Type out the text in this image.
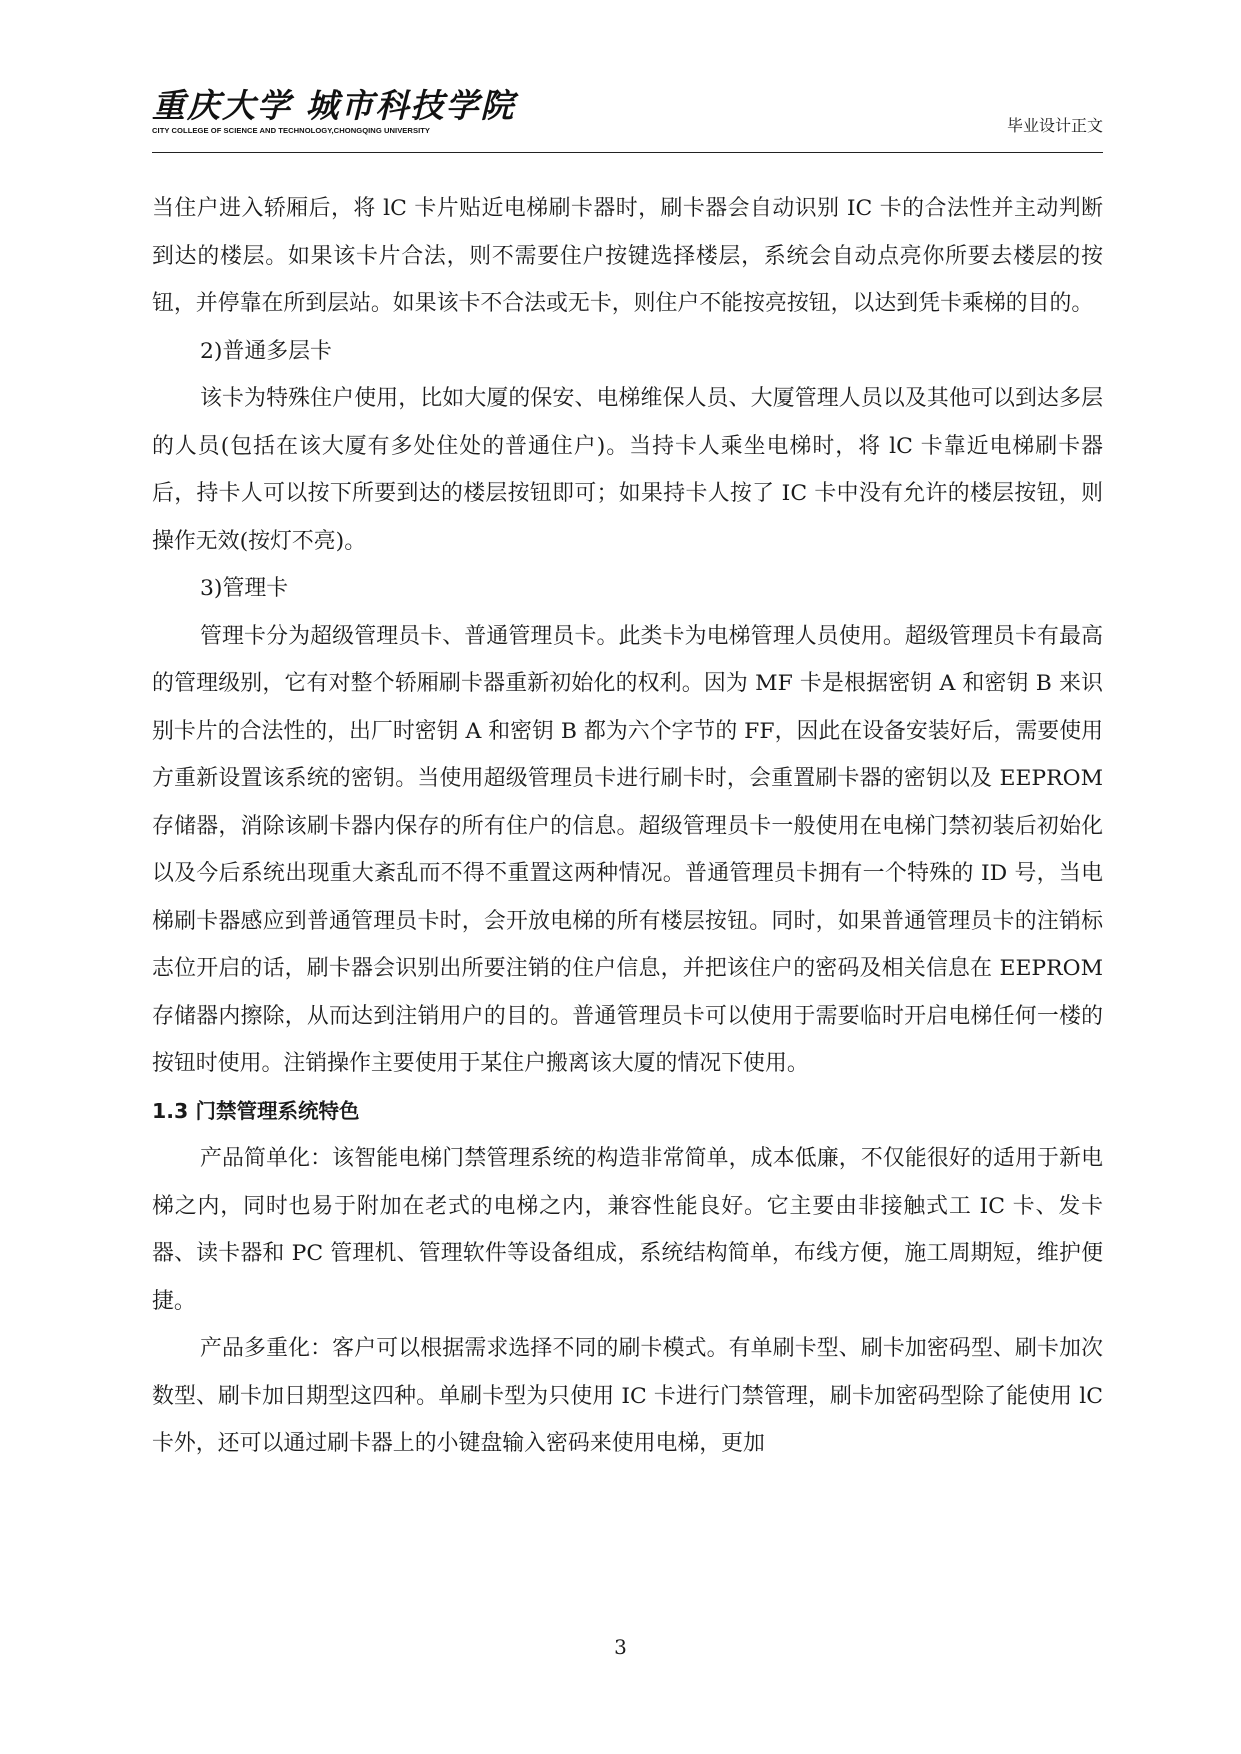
重庆大学 城市科技学院
CITY COLLEGE OF SCIENCE AND TECHNOLOGY,CHONGQING UNIVERSITY	毕业设计正文

当住户进入轿厢后，将 lC 卡片贴近电梯刷卡器时，刷卡器会自动识别 IC 卡的合法性并主动判断到达的楼层。如果该卡片合法，则不需要住户按键选择楼层，系统会自动点亮你所要去楼层的按钮，并停靠在所到层站。如果该卡不合法或无卡，则住户不能按亮按钮，以达到凭卡乘梯的目的。

2)普通多层卡

该卡为特殊住户使用，比如大厦的保安、电梯维保人员、大厦管理人员以及其他可以到达多层的人员(包括在该大厦有多处住处的普通住户)。当持卡人乘坐电梯时，将 lC 卡靠近电梯刷卡器后，持卡人可以按下所要到达的楼层按钮即可；如果持卡人按了 IC 卡中没有允许的楼层按钮，则操作无效(按灯不亮)。

3)管理卡

管理卡分为超级管理员卡、普通管理员卡。此类卡为电梯管理人员使用。超级管理员卡有最高的管理级别，它有对整个轿厢刷卡器重新初始化的权利。因为 MF 卡是根据密钥 A 和密钥 B 来识别卡片的合法性的，出厂时密钥 A 和密钥 B 都为六个字节的 FF，因此在设备安装好后，需要使用方重新设置该系统的密钥。当使用超级管理员卡进行刷卡时，会重置刷卡器的密钥以及 EEPROM 存储器，消除该刷卡器内保存的所有住户的信息。超级管理员卡一般使用在电梯门禁初装后初始化以及今后系统出现重大紊乱而不得不重置这两种情况。普通管理员卡拥有一个特殊的 ID 号，当电梯刷卡器感应到普通管理员卡时，会开放电梯的所有楼层按钮。同时，如果普通管理员卡的注销标志位开启的话，刷卡器会识别出所要注销的住户信息，并把该住户的密码及相关信息在 EEPROM 存储器内擦除，从而达到注销用户的目的。普通管理员卡可以使用于需要临时开启电梯任何一楼的按钮时使用。注销操作主要使用于某住户搬离该大厦的情况下使用。

1.3 门禁管理系统特色

产品简单化：该智能电梯门禁管理系统的构造非常简单，成本低廉，不仅能很好的适用于新电梯之内，同时也易于附加在老式的电梯之内，兼容性能良好。它主要由非接触式工 IC 卡、发卡器、读卡器和 PC 管理机、管理软件等设备组成，系统结构简单，布线方便，施工周期短，维护便捷。

产品多重化：客户可以根据需求选择不同的刷卡模式。有单刷卡型、刷卡加密码型、刷卡加次数型、刷卡加日期型这四种。单刷卡型为只使用 IC 卡进行门禁管理，刷卡加密码型除了能使用 lC 卡外，还可以通过刷卡器上的小键盘输入密码来使用电梯，更加

3
